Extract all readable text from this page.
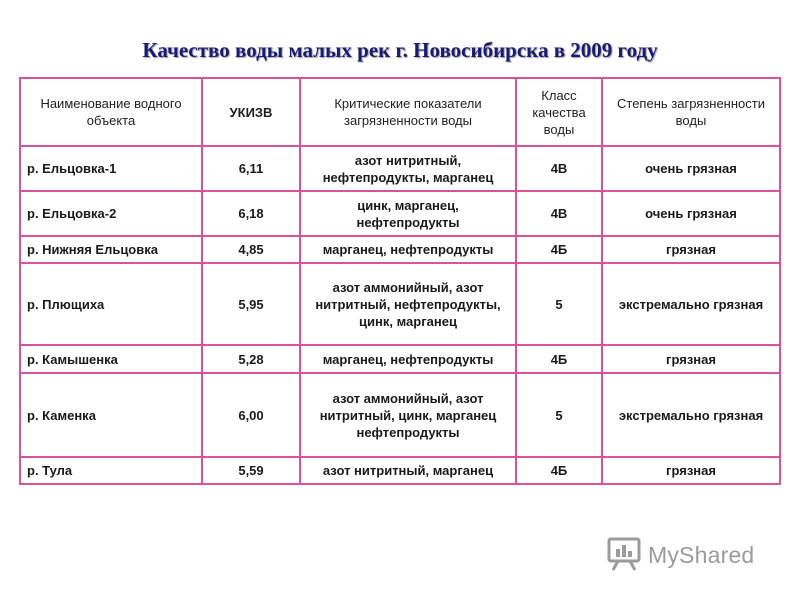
Качество воды малых рек г. Новосибирска в 2009 году
Наименование водного объекта	УКИЗВ	Критические показатели загрязненности воды	Класс качества воды	Степень загрязненности воды
р. Ельцовка-1	6,11	азот нитритный, нефтепродукты, марганец	4В	очень грязная
р. Ельцовка-2	6,18	цинк, марганец, нефтепродукты	4В	очень грязная
р. Нижняя Ельцовка	4,85	марганец, нефтепродукты	4Б	грязная
р. Плющиха	5,95	азот аммонийный, азот нитритный, нефтепродукты, цинк, марганец	5	экстремально грязная
р. Камышенка	5,28	марганец, нефтепродукты	4Б	грязная
р. Каменка	6,00	азот аммонийный, азот нитритный, цинк, марганец нефтепродукты	5	экстремально грязная
р. Тула	5,59	азот нитритный, марганец	4Б	грязная
MyShared
